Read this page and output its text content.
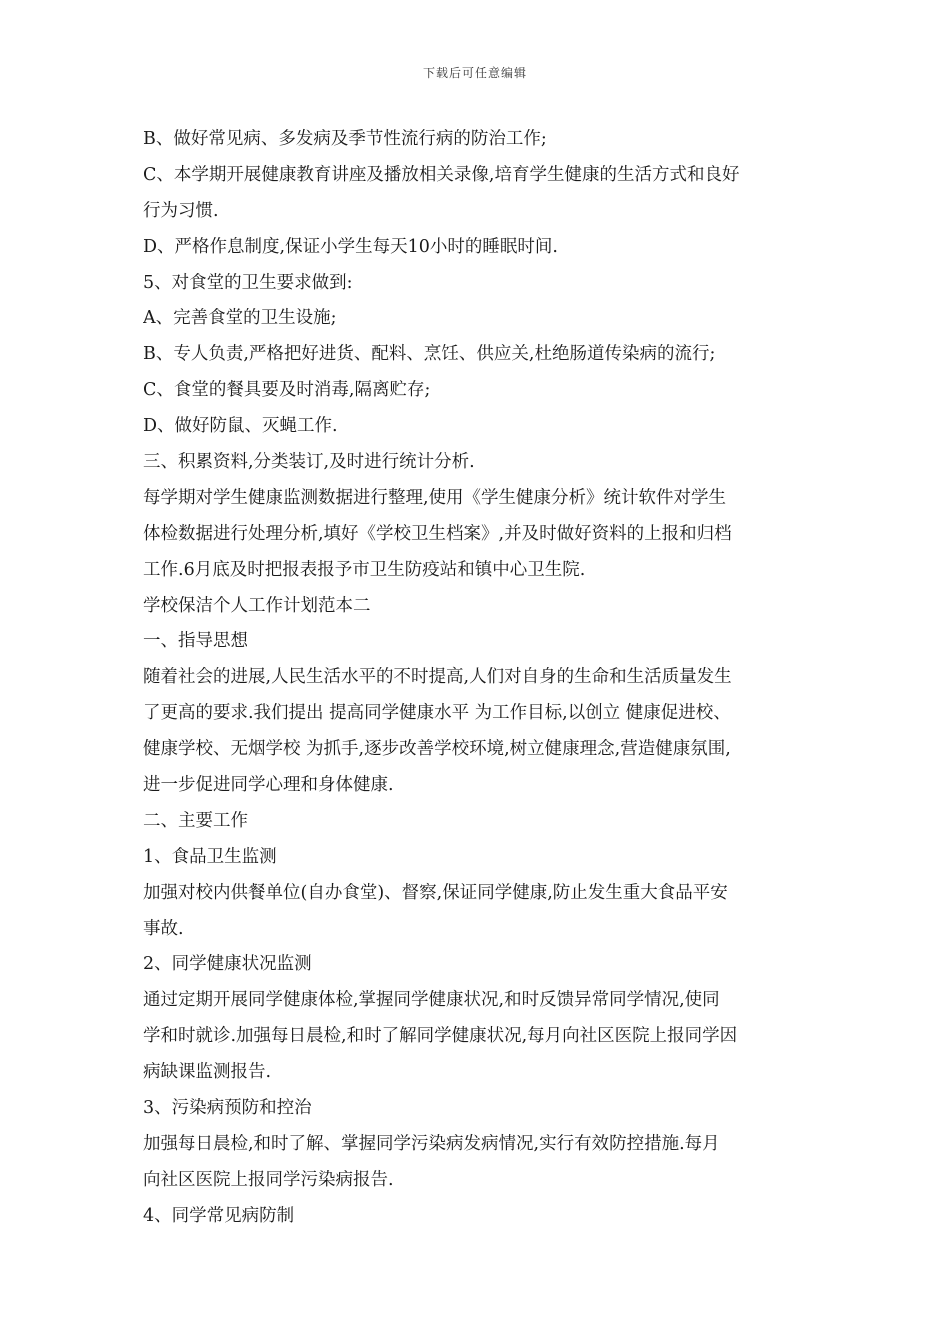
下载后可任意编辑
B、做好常见病、多发病及季节性流行病的防治工作;
C、本学期开展健康教育讲座及播放相关录像,培育学生健康的生活方式和良好
行为习惯.
D、严格作息制度,保证小学生每天10小时的睡眠时间.
5、对食堂的卫生要求做到:
A、完善食堂的卫生设施;
B、专人负责,严格把好进货、配料、烹饪、供应关,杜绝肠道传染病的流行;
C、食堂的餐具要及时消毒,隔离贮存;
D、做好防鼠、灭蝇工作.
三、积累资料,分类装订,及时进行统计分析.
每学期对学生健康监测数据进行整理,使用《学生健康分析》统计软件对学生
体检数据进行处理分析,填好《学校卫生档案》,并及时做好资料的上报和归档
工作.6月底及时把报表报予市卫生防疫站和镇中心卫生院.
学校保洁个人工作计划范本二
一、指导思想
随着社会的进展,人民生活水平的不时提高,人们对自身的生命和生活质量发生
了更高的要求.我们提出 提高同学健康水平 为工作目标,以创立 健康促进校、
健康学校、无烟学校 为抓手,逐步改善学校环境,树立健康理念,营造健康氛围,
进一步促进同学心理和身体健康.
二、主要工作
1、食品卫生监测
加强对校内供餐单位(自办食堂)、督察,保证同学健康,防止发生重大食品平安
事故.
2、同学健康状况监测
通过定期开展同学健康体检,掌握同学健康状况,和时反馈异常同学情况,使同
学和时就诊.加强每日晨检,和时了解同学健康状况,每月向社区医院上报同学因
病缺课监测报告.
3、污染病预防和控治
加强每日晨检,和时了解、掌握同学污染病发病情况,实行有效防控措施.每月
向社区医院上报同学污染病报告.
4、同学常见病防制
